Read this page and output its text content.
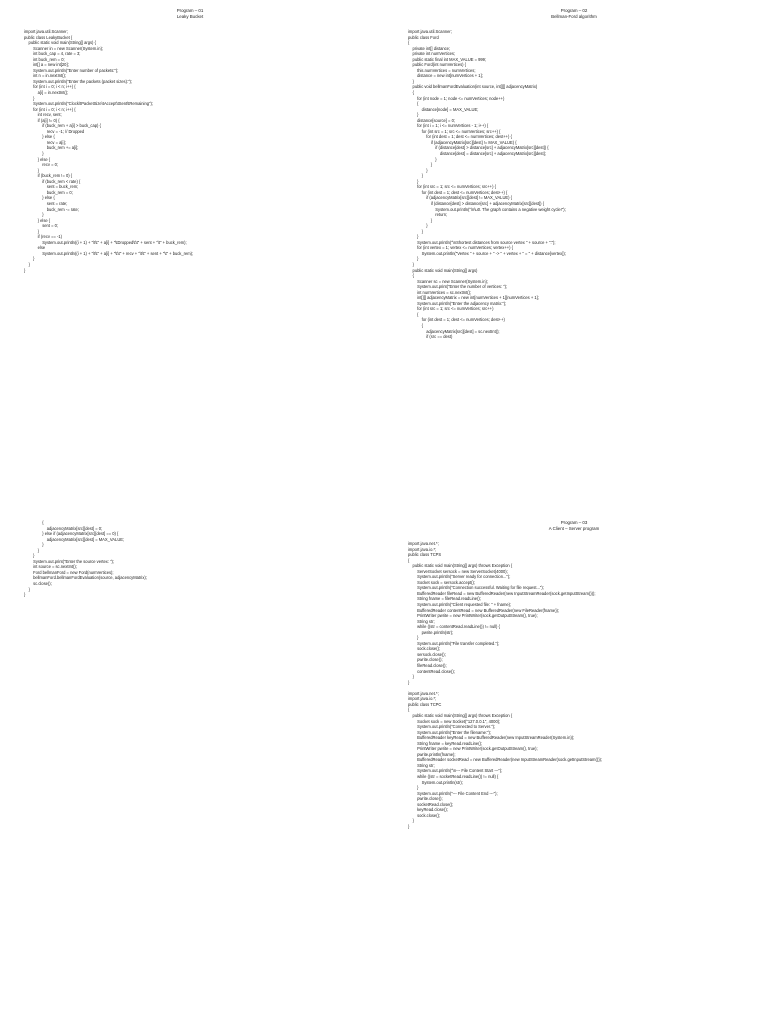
Program – 01
Leaky Bucket
import java.util.Scanner;
public class LeakyBucket {
public static void main(String[] args) {
Scanner in = new Scanner(System.in);
int buck_cap = 4, rate = 3;
int buck_rem = 0;
int[] a = new int[20];
System.out.println("Enter number of packets:");
int n = in.nextInt();
System.out.println("Enter the packets (packet sizes):");
for (int i = 0; i < n; i++) {
a[i] = in.nextInt();
}
System.out.println("Clock\tPacketSize\tAccept\tSent\tRemaining");
for (int i = 0; i < n; i++) {
int recv, sent;
if (a[i] != 0) {
if (buck_rem + a[i] > buck_cap) {
recv = -1; // Dropped
} else {
recv = a[i];
buck_rem += a[i];
}
} else {
recv = 0;
}
if (buck_rem != 0) {
if (buck_rem < rate) {
sent = buck_rem;
buck_rem = 0;
} else {
sent = rate;
buck_rem -= rate;
}
} else {
sent = 0;
}
if (recv == -1)
System.out.println((i + 1) + "\t\t" + a[i] + "\tDropped\t\t" + sent + "\t" + buck_rem);
else
System.out.println((i + 1) + "\t\t" + a[i] + "\t\t" + recv + "\t\t" + sent + "\t" + buck_rem);
}
}
}
Program – 02
Bellman-Ford algorithm
import java.util.Scanner;
public class Ford
{
private int[] distance;
private int numVertices;
public static final int MAX_VALUE = 999;
public Ford(int numVertices) {
this.numVertices = numVertices;
distance = new int[numVertices + 1];
}
public void bellmanFordEvaluation(int source, int[][] adjacencyMatrix)
{
for (int node = 1; node <= numVertices; node++)
{
distance[node] = MAX_VALUE;
}
distance[source] = 0;
for (int i = 1; i <= numVertices - 1; i++) {
for (int src = 1; src <= numVertices; src++) {
for (int dest = 1; dest <= numVertices; dest++) {
if (adjacencyMatrix[src][dest] != MAX_VALUE) {
if (distance[dest] > distance[src] + adjacencyMatrix[src][dest]) {
distance[dest] = distance[src] + adjacencyMatrix[src][dest];
}
}
}
}
}
for (int src = 1; src <= numVertices; src++) {
for (int dest = 1; dest <= numVertices; dest++) {
if (adjacencyMatrix[src][dest] != MAX_VALUE) {
if (distance[dest] > distance[src] + adjacencyMatrix[src][dest]) {
System.out.println("\n\u0. The graph contains a negative weight cycle!");
return;
}
}
}
}
System.out.println("\nShortest distances from source vertex " + source + ":");
for (int vertex = 1; vertex <= numVertices; vertex++) {
System.out.println("Vertex " + source + " -> " + vertex + " = " + distance[vertex]);
}
}
public static void main(String[] args)
{
Scanner sc = new Scanner(System.in);
System.out.print("Enter the number of vertices: ");
int numVertices = sc.nextInt();
int[][] adjacencyMatrix = new int[numVertices + 1][numVertices + 1];
System.out.println("Enter the adjacency matrix:");
for (int src = 1; src <= numVertices; src++)
{
for (int dest = 1; dest <= numVertices; dest++)
{
adjacencyMatrix[src][dest] = sc.nextInt();
if (src == dest)
{
adjacencyMatrix[src][dest] = 0;
} else if (adjacencyMatrix[src][dest] == 0) {
adjacencyMatrix[src][dest] = MAX_VALUE;
}
}
}
System.out.print("Enter the source vertex: ");
int source = sc.nextInt();
Ford bellmanFord = new Ford(numVertices);
bellmanFord.bellmanFordEvaluation(source, adjacencyMatrix);
sc.close();
}
}
Program – 03
A Client – Server program
import java.net.*;
import java.io.*;
public class TCPS
{
public static void main(String[] args) throws Exception {
ServerSocket sersock = new ServerSocket(4000);
System.out.println("Server ready for connection...");
Socket sock = sersock.accept();
System.out.println("Connection successful. Waiting for file request...");
BufferedReader fileRead = new BufferedReader(new InputStreamReader(sock.getInputStream()));
String fname = fileRead.readLine();
System.out.println("Client requested file: " + fname);
BufferedReader contentRead = new BufferedReader(new FileReader(fname));
PrintWriter pwrite = new PrintWriter(sock.getOutputStream(), true);
String str;
while ((str = contentRead.readLine()) != null) {
pwrite.println(str);
}
System.out.println("File transfer completed.");
sock.close();
sersock.close();
pwrite.close();
fileRead.close();
contentRead.close();
}
}
import java.net.*;
import java.io.*;
public class TCPC
{
public static void main(String[] args) throws Exception {
Socket sock = new Socket("127.0.0.1", 4000);
System.out.println("Connected to Server.");
System.out.println("Enter the filename:");
BufferedReader keyRead = new BufferedReader(new InputStreamReader(System.in));
String fname = keyRead.readLine();
PrintWriter pwrite = new PrintWriter(sock.getOutputStream(), true);
pwrite.println(fname);
BufferedReader socketRead = new BufferedReader(new InputStreamReader(sock.getInputStream()));
String str;
System.out.println("\n--- File Content Start ---");
while ((str = socketRead.readLine()) != null) {
System.out.println(str);
}
System.out.println("--- File Content End ---");
pwrite.close();
socketRead.close();
keyRead.close();
sock.close();
}
}
